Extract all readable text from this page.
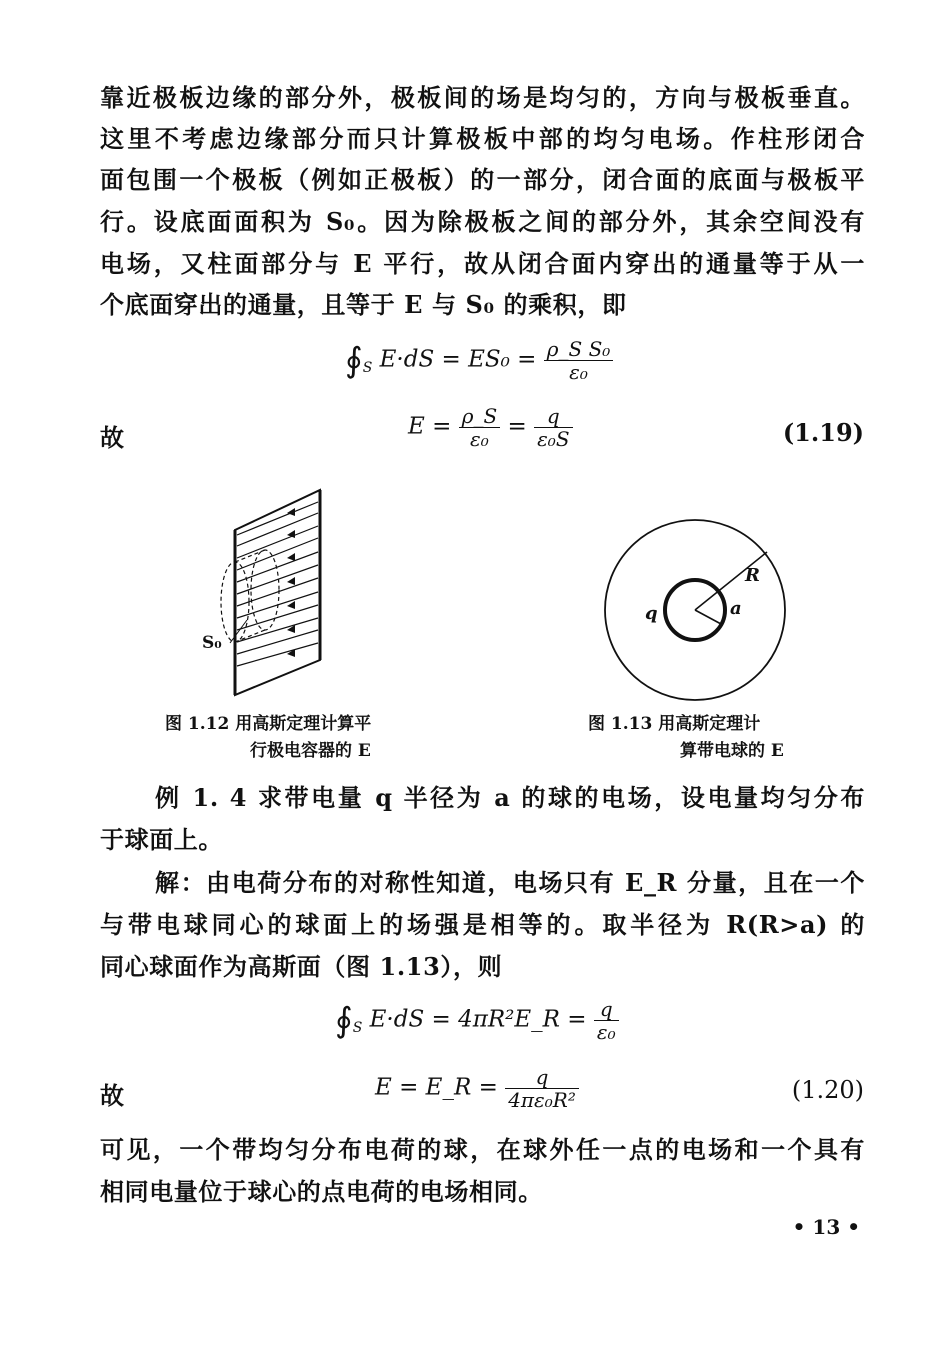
靠近极板边缘的部分外，极板间的场是均匀的，方向与极板垂直。
这里不考虑边缘部分而只计算极板中部的均匀电场。作柱形闭合
面包围一个极板（例如正极板）的一部分，闭合面的底面与极板平
行。设底面面积为 S₀。因为除极板之间的部分外，其余空间没有
电场，又柱面部分与 E 平行，故从闭合面内穿出的通量等于从一
个底面穿出的通量，且等于 E 与 S₀ 的乘积，即
$∮_S$ $E\cdot dS = ES_0 = \frac{\text{ρ\_S S₀}}{\text{ε₀}}$
故	$E = \frac{\rho\_S}{\text{ε₀}} = \frac{q}{\text{ε₀S}}$	(1.19)
S₀
R
a
q
图 1.12 用高斯定理计算平
行极电容器的 E
图 1.13 用高斯定理计
算带电球的 E
例 1. 4 求带电量 q 半径为 a 的球的电场，设电量均匀分布
于球面上。
解：由电荷分布的对称性知道，电场只有 E_R 分量，且在一个
与带电球同心的球面上的场强是相等的。取半径为 R(R>a) 的
同心球面作为高斯面（图 1.13），则
$∮_S$ E·dS = 4πR²E_R = $\frac{q}{\text{ε₀}}$
故	E = E_R = $\frac{q}{\text{4πε₀R²}}$	(1.20)
可见，一个带均匀分布电荷的球，在球外任一点的电场和一个具有
相同电量位于球心的点电荷的电场相同。
• 13 •
